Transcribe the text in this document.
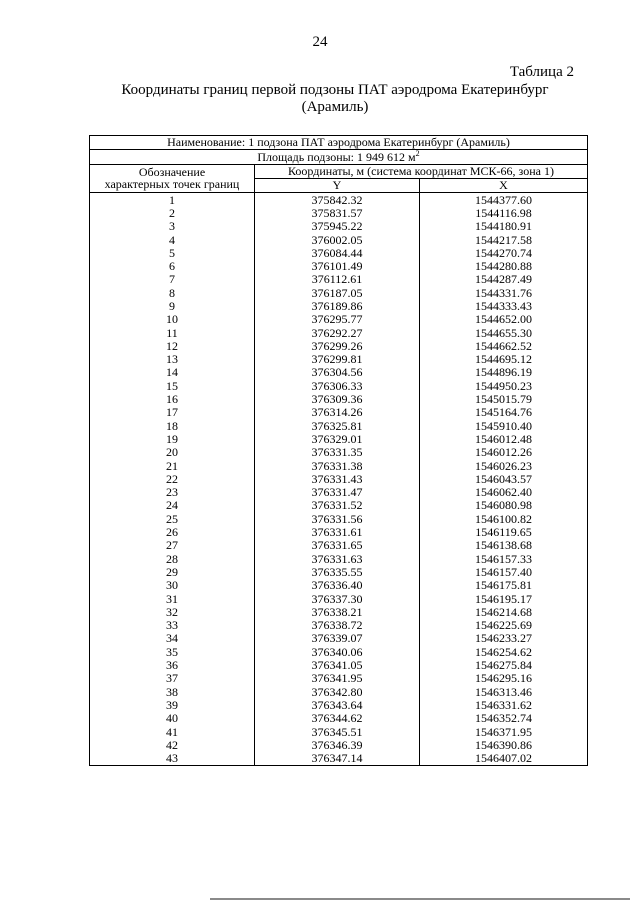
24
Таблица 2
Координаты границ первой подзоны ПАТ аэродрома Екатеринбург
(Арамиль)
Наименование: 1 подзона ПАТ аэродрома Екатеринбург (Арамиль)		
Площадь подзоны: 1 949 612 $м^2$

Обозначение
характерных точек границ	Координаты, м (система координат МСК-66, зона 1)	
	Y	X
1	375842.32	1544377.60
2	375831.57	1544116.98
3	375945.22	1544180.91
4	376002.05	1544217.58
5	376084.44	1544270.74
6	376101.49	1544280.88
7	376112.61	1544287.49
8	376187.05	1544331.76
9	376189.86	1544333.43
10	376295.77	1544652.00
11	376292.27	1544655.30
12	376299.26	1544662.52
13	376299.81	1544695.12
14	376304.56	1544896.19
15	376306.33	1544950.23
16	376309.36	1545015.79
17	376314.26	1545164.76
18	376325.81	1545910.40
19	376329.01	1546012.48
20	376331.35	1546012.26
21	376331.38	1546026.23
22	376331.43	1546043.57
23	376331.47	1546062.40
24	376331.52	1546080.98
25	376331.56	1546100.82
26	376331.61	1546119.65
27	376331.65	1546138.68
28	376331.63	1546157.33
29	376335.55	1546157.40
30	376336.40	1546175.81
31	376337.30	1546195.17
32	376338.21	1546214.68
33	376338.72	1546225.69
34	376339.07	1546233.27
35	376340.06	1546254.62
36	376341.05	1546275.84
37	376341.95	1546295.16
38	376342.80	1546313.46
39	376343.64	1546331.62
40	376344.62	1546352.74
41	376345.51	1546371.95
42	376346.39	1546390.86
43	376347.14	1546407.02
